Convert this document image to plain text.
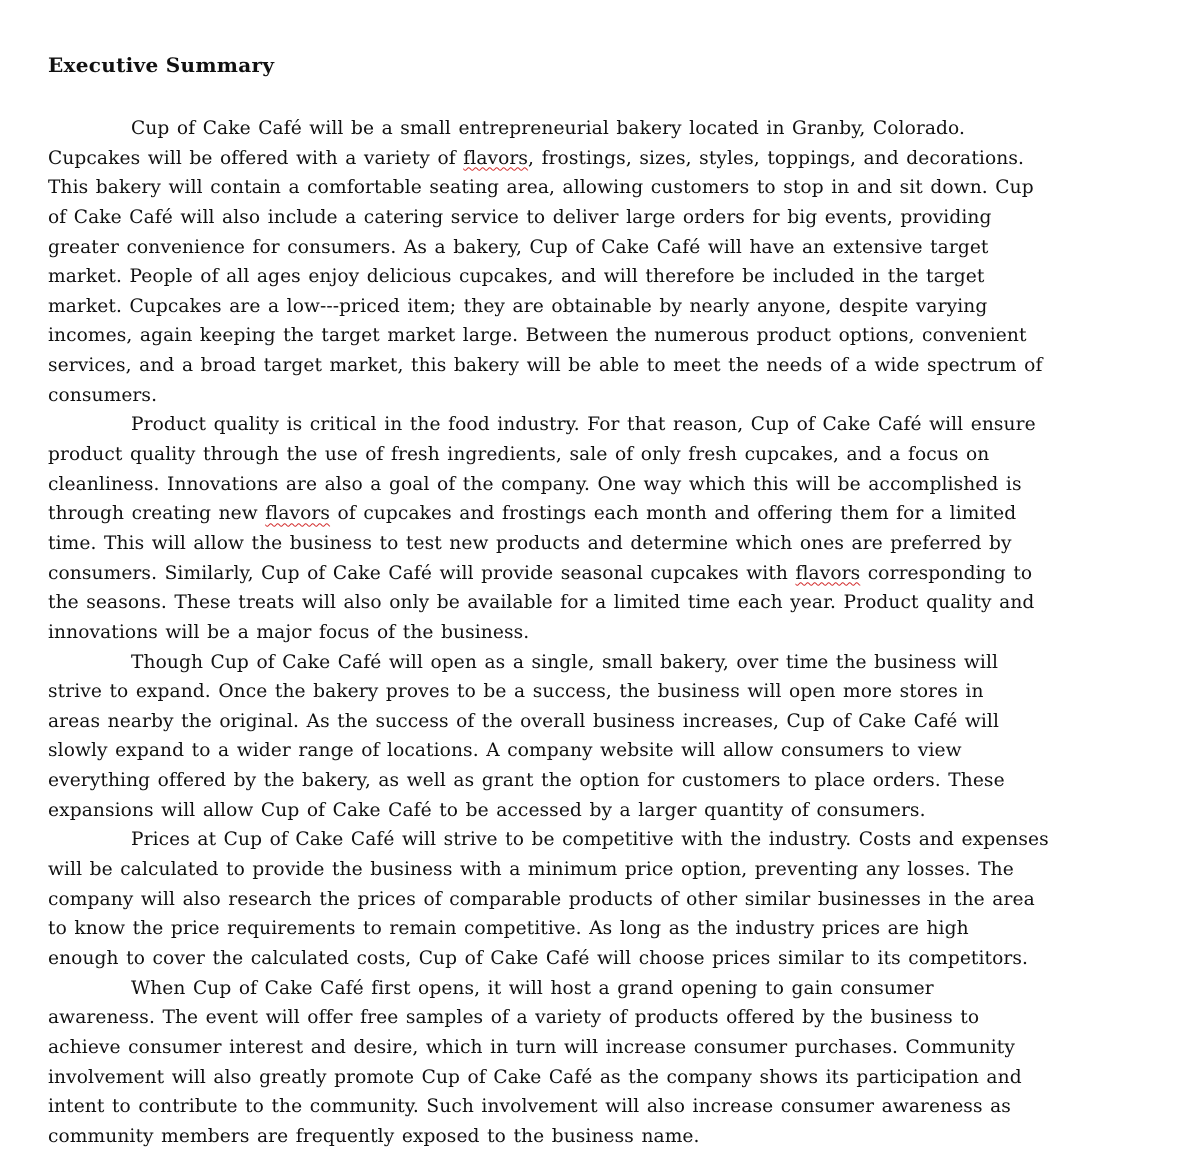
Executive Summary
Cup of Cake Café will be a small entrepreneurial bakery located in Granby, Colorado.
Cupcakes will be offered with a variety of flavors, frostings, sizes, styles, toppings, and decorations.
This bakery will contain a comfortable seating area, allowing customers to stop in and sit down. Cup
of Cake Café will also include a catering service to deliver large orders for big events, providing
greater convenience for consumers. As a bakery, Cup of Cake Café will have an extensive target
market. People of all ages enjoy delicious cupcakes, and will therefore be included in the target
market. Cupcakes are a low---priced item; they are obtainable by nearly anyone, despite varying
incomes, again keeping the target market large. Between the numerous product options, convenient
services, and a broad target market, this bakery will be able to meet the needs of a wide spectrum of
consumers.
Product quality is critical in the food industry. For that reason, Cup of Cake Café will ensure
product quality through the use of fresh ingredients, sale of only fresh cupcakes, and a focus on
cleanliness. Innovations are also a goal of the company. One way which this will be accomplished is
through creating new flavors of cupcakes and frostings each month and offering them for a limited
time. This will allow the business to test new products and determine which ones are preferred by
consumers. Similarly, Cup of Cake Café will provide seasonal cupcakes with flavors corresponding to
the seasons. These treats will also only be available for a limited time each year. Product quality and
innovations will be a major focus of the business.
Though Cup of Cake Café will open as a single, small bakery, over time the business will
strive to expand. Once the bakery proves to be a success, the business will open more stores in
areas nearby the original. As the success of the overall business increases, Cup of Cake Café will
slowly expand to a wider range of locations. A company website will allow consumers to view
everything offered by the bakery, as well as grant the option for customers to place orders. These
expansions will allow Cup of Cake Café to be accessed by a larger quantity of consumers.
Prices at Cup of Cake Café will strive to be competitive with the industry. Costs and expenses
will be calculated to provide the business with a minimum price option, preventing any losses. The
company will also research the prices of comparable products of other similar businesses in the area
to know the price requirements to remain competitive. As long as the industry prices are high
enough to cover the calculated costs, Cup of Cake Café will choose prices similar to its competitors.
When Cup of Cake Café first opens, it will host a grand opening to gain consumer
awareness. The event will offer free samples of a variety of products offered by the business to
achieve consumer interest and desire, which in turn will increase consumer purchases. Community
involvement will also greatly promote Cup of Cake Café as the company shows its participation and
intent to contribute to the community. Such involvement will also increase consumer awareness as
community members are frequently exposed to the business name.
